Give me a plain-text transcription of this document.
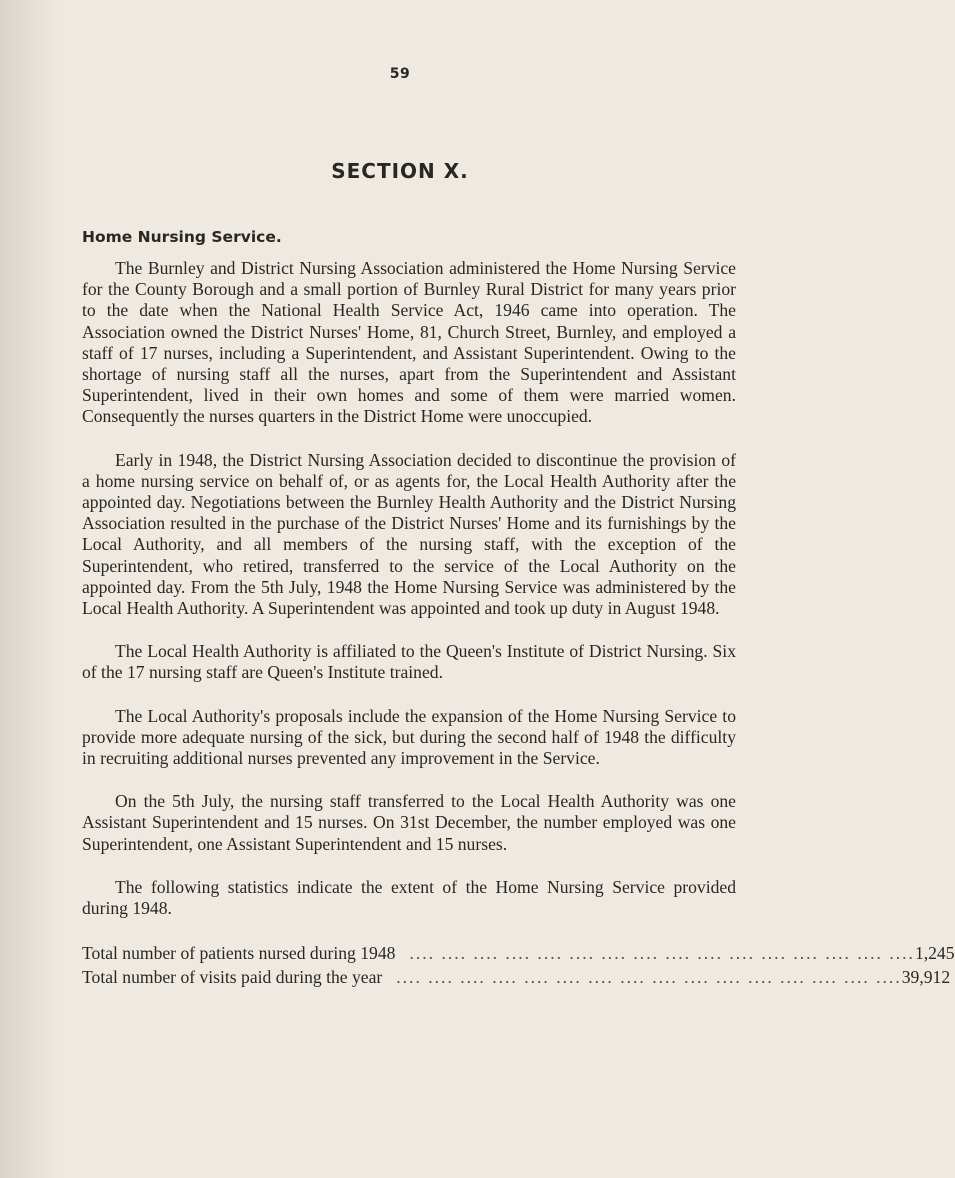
59
SECTION X.
Home Nursing Service.

The Burnley and District Nursing Association administered the Home Nursing Service for the County Borough and a small portion of Burnley Rural District for many years prior to the date when the National Health Service Act, 1946 came into operation. The Association owned the District Nurses' Home, 81, Church Street, Burnley, and employed a staff of 17 nurses, including a Superintendent, and Assistant Superintendent. Owing to the shortage of nursing staff all the nurses, apart from the Superintendent and Assistant Superintendent, lived in their own homes and some of them were married women. Consequently the nurses quarters in the District Home were unoccupied.

Early in 1948, the District Nursing Association decided to discontinue the provision of a home nursing service on behalf of, or as agents for, the Local Health Authority after the appointed day. Negotiations between the Burnley Health Authority and the District Nursing Association resulted in the purchase of the District Nurses' Home and its furnishings by the Local Authority, and all members of the nursing staff, with the exception of the Superintendent, who retired, transferred to the service of the Local Authority on the appointed day. From the 5th July, 1948 the Home Nursing Service was administered by the Local Health Authority. A Superintendent was appointed and took up duty in August 1948.

The Local Health Authority is affiliated to the Queen's Institute of District Nursing. Six of the 17 nursing staff are Queen's Institute trained.

The Local Authority's proposals include the expansion of the Home Nursing Service to provide more adequate nursing of the sick, but during the second half of 1948 the difficulty in recruiting additional nurses prevented any improvement in the Service.

On the 5th July, the nursing staff transferred to the Local Health Authority was one Assistant Superintendent and 15 nurses. On 31st December, the number employed was one Superintendent, one Assistant Superintendent and 15 nurses.

The following statistics indicate the extent of the Home Nursing Service provided during 1948.

Total number of patients nursed during 1948 .... .... .... .... .... .... .... .... .... .... .... .... .... .... .... .... 1,245
Total number of visits paid during the year .... .... .... .... .... .... .... .... .... .... .... .... .... .... .... .... 39,912
